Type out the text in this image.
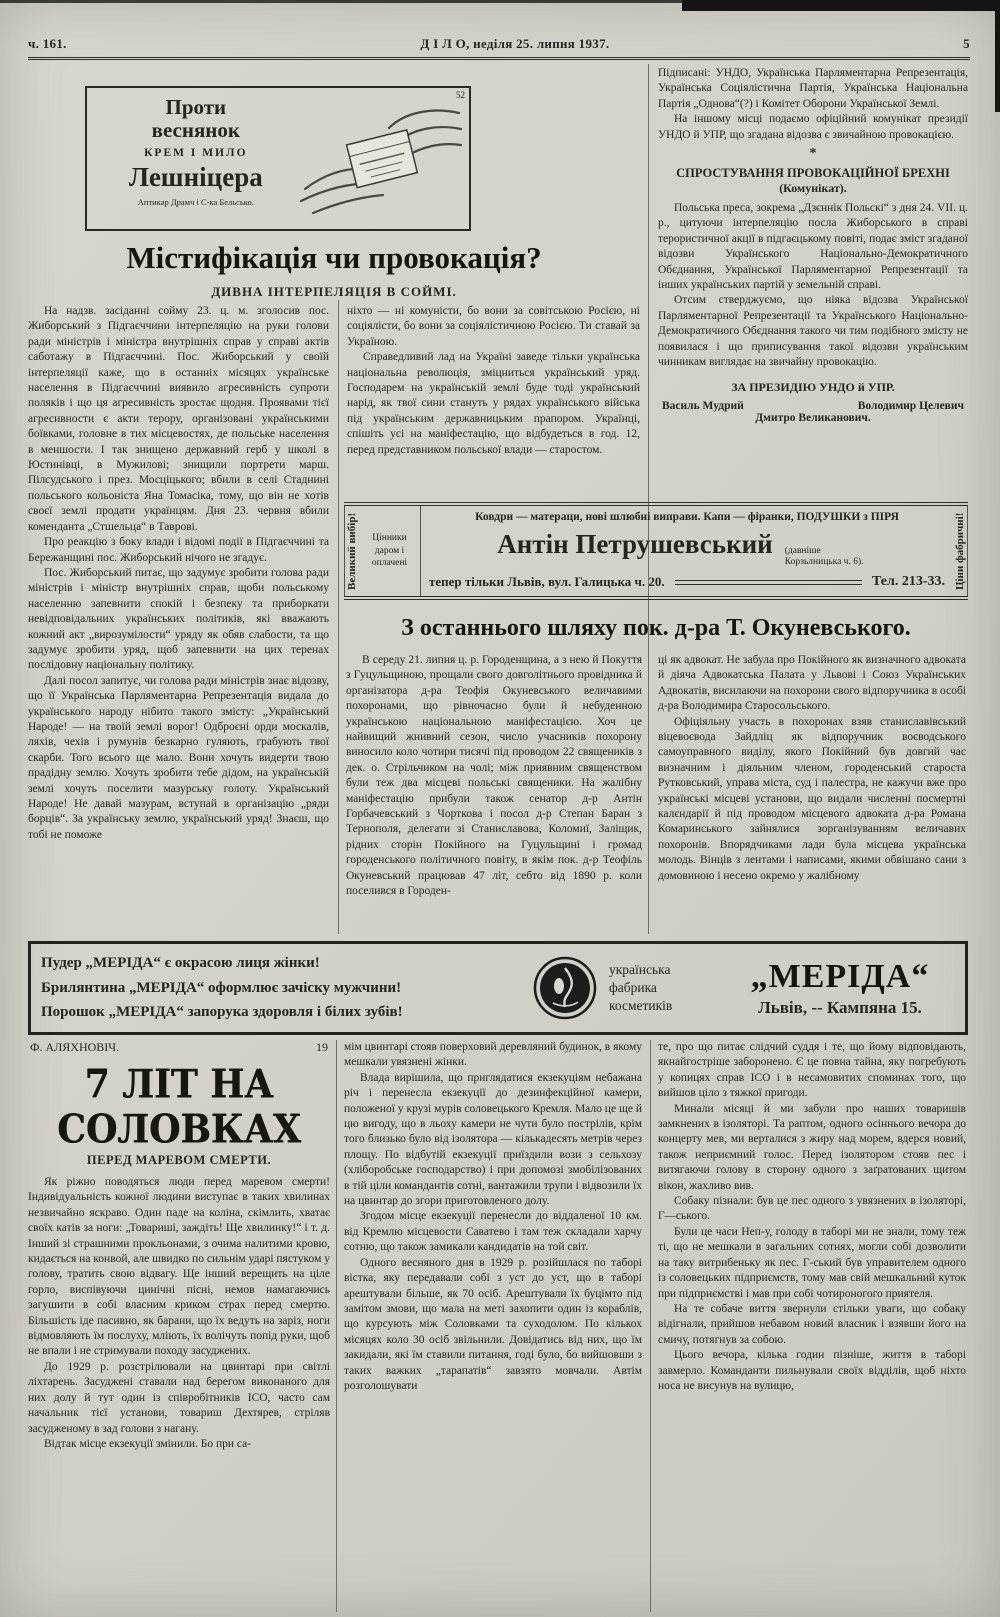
ч. 161.	Д І Л О, неділя 25. липня 1937.	5
Проти
веснянок
КРЕМ І МИЛО
Лешніцера
Аптикар Драмч і С-ка Бельсько.
52
Містифікація чи провокація?
ДИВНА ІНТЕРПЕЛЯЦІЯ В СОЙМІ.

На надзв. засіданні сойму 23. ц. м. зголосив пос. Жиборський з Підгаєччини інтерпеляцію на руки голови ради міністрів і міністра внутрішніх справ у справі актів саботажу в Підгаєччині. Пос. Жиборський у своїй інтерпеляції каже, що в останніх місяцях українське населення в Підгаєччині виявило агресивність супроти поляків і що ця агресивність зростає щодня. Проявами тієї агресивности є акти терору, організовані українськими боївками, головне в тих місцевостях, де польське населення в меншости. І так знищено державний герб у школі в Юстинівці, в Мужилові; знищили портрети марш. Пілсудського і през. Мосціцького; вбили в селі Стаднині польського кольоніста Яна Томасіка, тому, що він не хотів своєї землі продати українцям. Дня 23. червня вбили коменданта „Стшельца“ в Таврові.

Про реакцію з боку влади і відомі події в Підгаєччині та Бережанщині пос. Жиборський нічого не згадує.

Пос. Жиборський питає, що задумує зробити голова ради міністрів і міністр внутрішніх справ, щоби польському населенню запевнити спокій і безпеку та приборкати невідповідальних українських політиків, які вважають кожний акт „вирозумілости“ уряду як обяв слабости, та що задумує зробити уряд, щоб запевнити на цих теренах послідовну національну політику.

Далі посол запитує, чи голова ради міністрів знає відозву, що її Українська Парляментарна Репрезентація видала до українського народу нібито такого змісту: „Український Народе! — на твоїй землі ворог! Одброєні орди москалів, ляхів, чехів і румунів безкарно гуляють, грабують твої скарби. Того всього ще мало. Вони хочуть видерти твою прадідну землю. Хочуть зробити тебе дідом, на українській землі хочуть поселити мазурську голоту. Український Народе! Не давай мазурам, вступай в організацію „ряди борців“. За українську землю, український уряд! Знаєш, що тобі не поможе

ніхто — ні комуністи, бо вони за совітською Росією, ні соціялісти, бо вони за соціялістичною Росією. Ти ставай за Україною.

Справедливий лад на Україні заведе тільки українська національна революція, зміцниться український уряд. Господарем на українській землі буде тоді український нарід, як твої сини стануть у рядах українського війська під українським державницьким прапором. Українці, спішіть усі на маніфестацію, що відбудеться в год. 12, перед представником польської влади — старостом.

Підписані: УНДО, Українська Парляментарна Репрезентація, Українська Соціялістична Партія, Українська Національна Партія „Однова“(?) і Комітет Оборони Української Землі.

На іншому місці подаємо офіційний комунікат президії УНДО й УПР, що згадана відозва є звичайною провокацією.

*
СПРОСТУВАННЯ ПРОВОКАЦІЙНОЇ БРЕХНІ
(Комунікат).

Польська преса, зокрема „Дзєннік Польскі“ з дня 24. VII. ц. р., цитуючи інтерпеляцію посла Жиборського в справі терористичної акції в підгаєцькому повіті, подає зміст згаданої відозви Українського Національно-Демократичного Обєднання, Української Парляментарної Репрезентації та інших українських партій у земельній справі.

Отсим стверджуємо, що ніяка відозва Української Парляментарної Репрезентації та Українського Національно-Демократичного Обєднання такого чи тим подібного змісту не появилася і що приписування такої відозви українським чинникам виглядає на звичайну провокацію.

ЗА ПРЕЗИДІЮ УНДО й УПР.
Василь Мудрий	Володимир Целевич
Дмитро Великанович.
Великий вибір!	Цінники даром і оплачені
Ковдри — матераци, нові шлюбні виправи. Капи — фіранки, ПОДУШКИ з ПІРЯ
Антін Петрушевський (давніше Корзьлницька ч. 6).
тепер тільки Львів, вул. Галицька ч. 20.	Тел. 213-33. Ціни фабричні!
З останнього шляху пок. д-ра Т. Окуневського.

В середу 21. липня ц. р. Городенщина, а з нею й Покуття з Гуцульщиною, прощали свого довголітнього провідника й організатора д-ра Теофія Окуневського величавими похоронами, що рівночасно були й небуденною українською національною маніфестацією. Хоч це найвищий жнивний сезон, число учасників похорону виносило коло чотири тисячі під проводом 22 священиків з дек. о. Стрільчиком на чолі; між приявним священством були теж два місцеві польські священики. На жалібну маніфестацію прибули також сенатор д-р Антін Горбачевський з Чорткова і посол д-р Степан Баран з Тернополя, делегати зі Станиславова, Коломиї, Заліщик, рідних сторін Покійного на Гуцульщині і громад городенського політичного повіту, в якім пок. д-р Теофіль Окуневський працював 47 літ, себто від 1890 р. коли поселився в Городен-

ці як адвокат. Не забула про Покійного як визначного адвоката й діяча Адвокатська Палата у Львові і Союз Українських Адвокатів, висилаючи на похорони свого відпоручника в особі д-ра Володимира Старосольського.

Офіціяльну участь в похоронах взяв станиславівський віцевоєвода Зайдліц як відпоручник воєводського самоуправного виділу, якого Покійний був довгий час визначним і діяльним членом, городенський староста Рутковський, управа міста, суд і палестра, не кажучи вже про українські місцеві установи, що видали численні посмертні калєндарії й під проводом місцевого адвоката д-ра Романа Комаринського зайнялися зорганізуванням величавих похоронів. Впорядчиками лади була місцева українська молодь. Вінців з лентами і написами, якими обвішано сани з домовиною і несено окремо у жалібному

Пудер „МЕРІДА“ є окрасою лиця жінки!
Брилянтина „МЕРІДА“ оформлює зачіску мужчини!
Порошок „МЕРІДА“ запорука здоровля і білих зубів!
українська
фабрика
косметиків
„МЕРІДА“
Львів, -- Кампяна 15.
Ф. АЛЯХНОВІЧ.	19
7 ЛІТ НА СОЛОВКАХ
ПЕРЕД МАРЕВОМ СМЕРТИ.

Як ріжно поводяться люди перед маревом смерти! Індивідуальність кожної людини виступає в таких хвилинах незвичайно яскраво. Один паде на коліна, скімлить, хватає своїх катів за ноги: „Товариші, заждіть! Ще хвилинку!“ і т. д. Інший зі страшними прокльонами, з очима налитими кровю, кидається на конвой, але швидко по сильнім ударі пястуком у голову, тратить свою відвагу. Ще інший верещить на ціле горло, виспівуючи цинічні пісні, немов намагаючись загушити в собі власним криком страх перед смертю. Більшість іде пасивно, як барани, що їх ведуть на заріз, ноги відмовляють їм послуху, мліють, їх волічуть попід руки, щоб не впали і не стримували походу засуджених.

До 1929 р. розстрілювали на цвинтарі при світлі ліхтарень. Засуджені ставали над берегом виконаного для них долу й тут один із співробітників ІСО, часто сам начальник тієї установи, товариш Дехтярев, стріляв засудженому в зад голови з нагану.

Відтак місце екзекуції змінили. Бо при са-

мім цвинтарі стояв поверховий деревляний будинок, в якому мешкали увязнені жінки.

Влада вирішила, що приглядатися екзекуціям небажана річ і перенесла екзекуції до дезинфекційної камери, положеної у крузі мурів соловецького Кремля. Мало це ще й цю вигоду, що в льоху камери не чути було пострілів, крім того близько було від ізолятора — кількадесять метрів через площу. По відбутій екзекуції приїздили вози з сельхозу (хліборобське господарство) і при допомозі змобілізованих в тій ціли командантів сотні, вантажили трупи і відвозили їх на цвинтар до згори приготовленого долу.

Згодом місце екзекуції перенесли до віддаленої 10 км. від Кремлю місцевости Саватево і там теж складали харчу сотню, що також замикали кандидатів на той світ.

Одного весняного дня в 1929 р. розійшлася по таборі вістка, яку передавали собі з уст до уст, що в таборі арештували більше, як 70 осіб. Арештували їх буцімто під замітом змови, що мала на меті захопити один із кораблів, що курсують між Соловками та суходолом. По кількох місяцях коло 30 осіб звільнили. Довідатись від них, що їм закидали, які їм ставили питання, годі було, бо вийшовши з таких важких „тарапатів“ завзято мовчали. Автім розголошувати

те, про що питає слідчий суддя і те, що йому відповідають, якнайгостріше заборонено. Є це повна тайна, яку погребують у копицях справ ІСО і в несамовитих споминах того, що вийшов ціло з тяжкої пригоди.

Минали місяці й ми забули про наших товаришів замкнених в ізоляторі. Та раптом, одного осіннього вечора до концерту мев, ми верталися з жиру над морем, вдерся новий, також неприємний голос. Перед ізолятором стояв пес і витягаючи голову в сторону одного з заґратованих щитом вікон, жахливо вив.

Собаку пізнали: був це пес одного з увязнених в ізоляторі, Г—ського.

Були це часи Неп-у, голоду в таборі ми не знали, тому теж ті, що не мешкали в загальних сотнях, могли собі дозволити на таку витрибеньку як пес. Г-ський був управителем одного із соловецьких підприємств, тому мав свій мешкальний куток при підприємстві і мав при собі чотироногого приятеля.

На те собаче виття звернули стільки уваги, що собаку відігнали, прийшов небавом новий власник і взявши його на смичу, потягнув за собою.

Цього вечора, кілька годин пізніше, життя в таборі завмерло. Команданти пильнували своїх відділів, щоб ніхто носа не висунув на вулицю,
